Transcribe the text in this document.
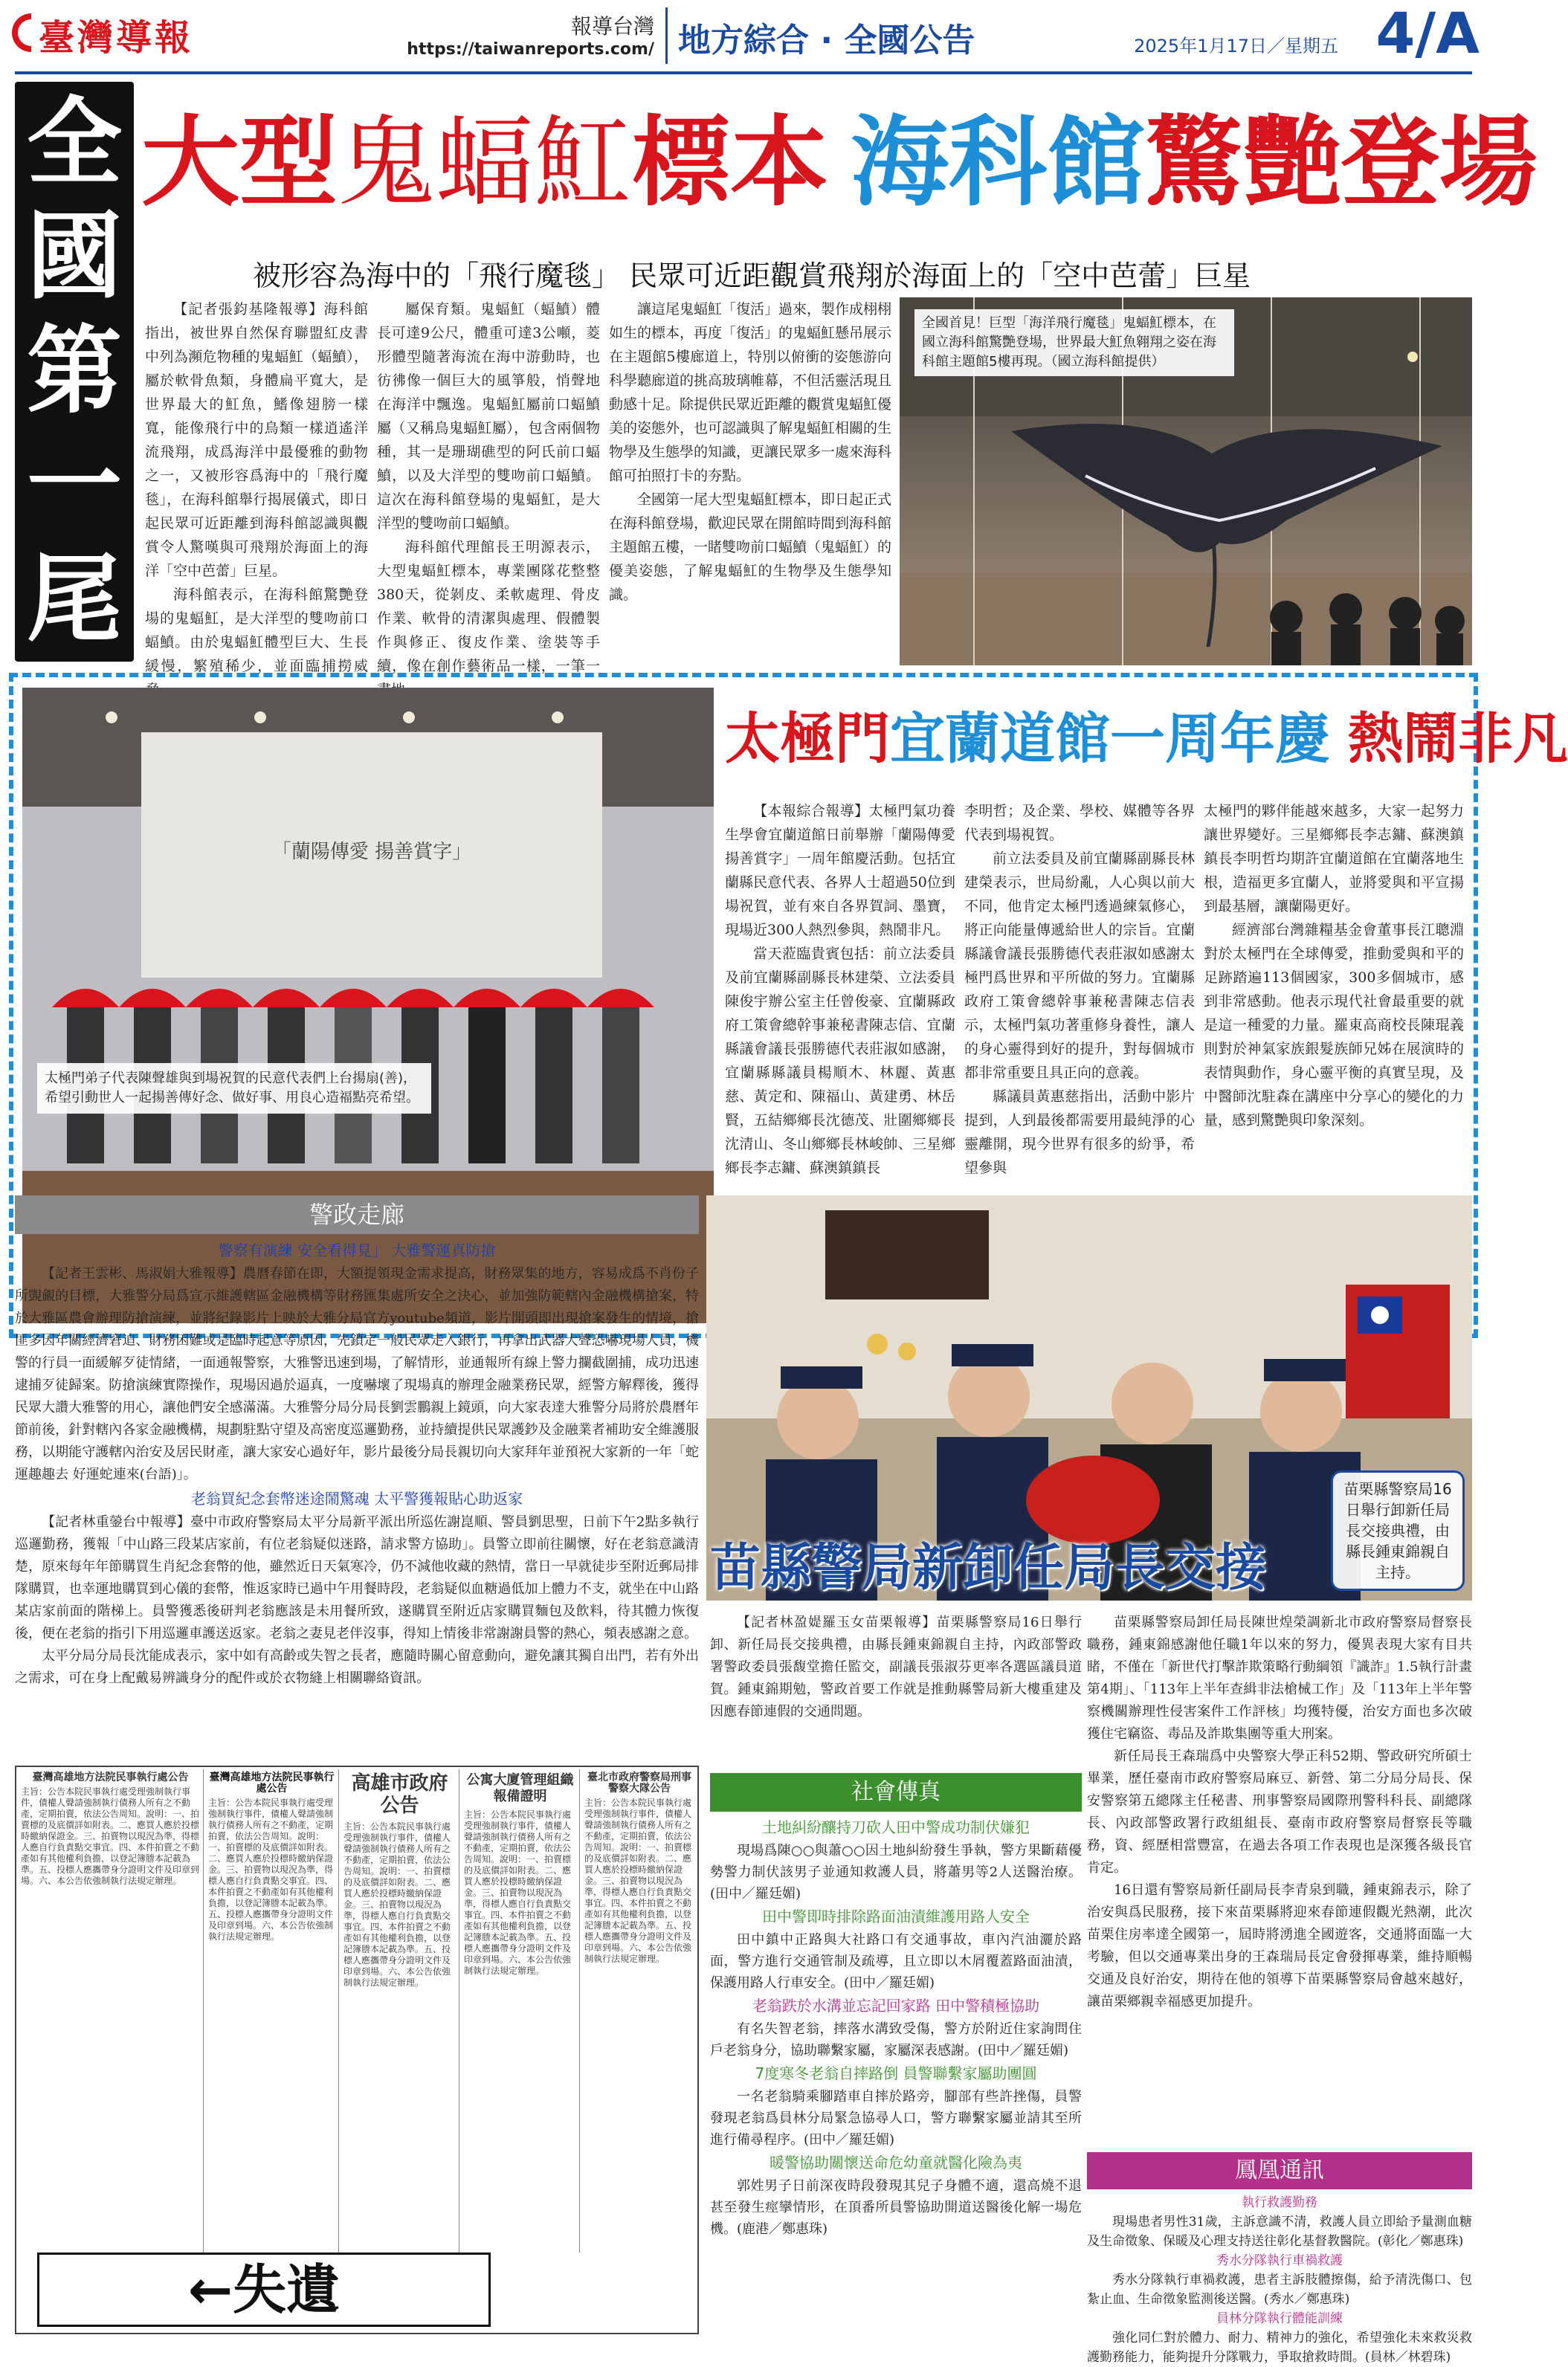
臺灣導報	報導台灣
https://taiwanreports.com/ 地方綜合 · 全國公告	2025年1月17日／星期五 4/A
全
國
第
一
尾
大型鬼蝠魟標本 海科館驚艷登場
被形容為海中的「飛行魔毯」 民眾可近距觀賞飛翔於海面上的「空中芭蕾」巨星

【記者張鈞基隆報導】海科館指出，被世界自然保育聯盟紅皮書中列為瀕危物種的鬼蝠魟（蝠鱝），屬於軟骨魚類，身體扁平寬大，是世界最大的魟魚，鰭像翅膀一樣寬，能像飛行中的鳥類一樣逍遙洋流飛翔，成爲海洋中最優雅的動物之一，又被形容爲海中的「飛行魔毯」，在海科館舉行揭展儀式，即日起民眾可近距離到海科館認識與觀賞令人驚嘆與可飛翔於海面上的海洋「空中芭蕾」巨星。

海科館表示，在海科館驚艷登場的鬼蝠魟，是大洋型的雙吻前口蝠鱝。由於鬼蝠魟體型巨大、生長緩慢，繁殖稀少，並面臨捕撈威

屬保育類。鬼蝠魟（蝠鱝）體長可達9公尺，體重可達3公噸，菱形體型隨著海流在海中游動時，也彷彿像一個巨大的風箏般，悄聲地在海洋中飄逸。鬼蝠魟屬前口蝠鱝屬（又稱鳥鬼蝠魟屬），包含兩個物種，其一是珊瑚礁型的阿氏前口蝠鱝，以及大洋型的雙吻前口蝠鱝。這次在海科館登場的鬼蝠魟，是大洋型的雙吻前口蝠鱝。

海科館代理館長王明源表示，大型鬼蝠魟標本，專業團隊花整整380天，從剝皮、柔軟處理、骨皮作業、軟骨的清潔與處理、假體製作與修正、復皮作業、塗裝等手續，像在創作藝術品一樣，一筆一

讓這尾鬼蝠魟「復活」過來，製作成栩栩如生的標本，再度「復活」的鬼蝠魟懸吊展示在主題館5樓廊道上，特別以俯衝的姿態游向科學聽廊道的挑高玻璃帷幕，不但活靈活現且動感十足。除提供民眾近距離的觀賞鬼蝠魟優美的姿態外，也可認識與了解鬼蝠魟相關的生物學及生態學的知識，更讓民眾多一處來海科館可拍照打卡的夯點。

全國第一尾大型鬼蝠魟標本，即日起正式在海科館登場，歡迎民眾在開館時間到海科館主題館五樓，一睹雙吻前口蝠鱝（鬼蝠魟）的優美姿態，了解鬼蝠魟的生物學及生態學知識。

全國首見！巨型「海洋飛行魔毯」鬼蝠魟標本，在國立海科館驚艷登場，世界最大魟魚翱翔之姿在海科館主題館5樓再現。（國立海科館提供）
「蘭陽傳愛 揚善賞字」
太極門弟子代表陳聲雄與到場祝賀的民意代表們上台揚扇(善)，希望引動世人一起揚善傳好念、做好事、用良心造福點亮希望。
太極門宜蘭道館一周年慶 熱鬧非凡

【本報綜合報導】太極門氣功養生學會宜蘭道館日前舉辦「蘭陽傳愛 揚善賞字」一周年館慶活動。包括宜蘭縣民意代表、各界人士超過50位到場祝賀，並有來自各界賀詞、墨寶，現場近300人熱烈參與，熱鬧非凡。

當天蒞臨貴賓包括：前立法委員及前宜蘭縣副縣長林建榮、立法委員陳俊宇辦公室主任曾俊豪、宜蘭縣政府工策會總幹事兼秘書陳志信、宜蘭縣議會議長張勝德代表莊淑如感謝，宜蘭縣縣議員楊順木、林麗、黃惠慈、黃定和、陳福山、黃建勇、林岳賢，五結鄉鄉長沈德茂、壯圍鄉鄉長沈清山、冬山鄉鄉長林峻帥、三星鄉鄉長李志鏞、蘇澳鎮鎮長

李明哲；及企業、學校、媒體等各界代表到場視賀。

前立法委員及前宜蘭縣副縣長林建榮表示，世局紛亂，人心與以前大不同，他肯定太極門透過練氣修心，將正向能量傳遞給世人的宗旨。宜蘭縣議會議長張勝德代表莊淑如感謝太極門爲世界和平所做的努力。宜蘭縣政府工策會總幹事兼秘書陳志信表示，太極門氣功著重修身養性，讓人的身心靈得到好的提升，對每個城市都非常重要且具正向的意義。

縣議員黃惠慈指出，活動中影片提到，人到最後都需要用最純淨的心靈離開，現今世界有很多的紛爭，希望參與

太極門的夥伴能越來越多，大家一起努力讓世界變好。三星鄉鄉長李志鏞、蘇澳鎮鎮長李明哲均期許宜蘭道館在宜蘭落地生根，造福更多宜蘭人，並將愛與和平宣揚到最基層，讓蘭陽更好。

經濟部台灣雜糧基金會董事長江聰淵對於太極門在全球傳愛，推動愛與和平的足跡踏遍113個國家，300多個城市，感到非常感動。他表示現代社會最重要的就是這一種愛的力量。羅東高商校長陳琨義則對於神氣家族銀髮族師兄姊在展演時的表情與動作，身心靈平衡的真實呈現，及中醫師沈駐森在講座中分享心的變化的力量，感到驚艷與印象深刻。

警政走廊
警察有演練 安全看得見」 大雅警運真防搶

【記者王雲彬、馬淑娟大雅報導】農曆春節在即，大額提領現金需求提高，財務眾集的地方，容易成爲不肖份子所覬覦的目標，大雅警分局爲宣示維護轄區金融機構等財務匯集處所安全之決心，並加強防範轄內金融機構搶案，特於大雅區農會辦理防搶演練，並將紀錄影片上映於大雅分局官方youtube頻道，影片開頭即出現搶案發生的情境，搶匪多因年關經濟窘迫、財務困難或是臨時起意等原因，先鎖定一般民眾走入銀行，再拿出武器大聲恐嚇現場人員，機警的行員一面緩解歹徒情緒，一面通報警察，大雅警迅速到場，了解情形，並通報所有線上警力攔截圍捕，成功迅速逮捕歹徒歸案。防搶演練實際操作，現場因過於逼真，一度嚇壞了現場真的辦理金融業務民眾，經警方解釋後，獲得民眾大讚大雅警的用心，讓他們安全感滿滿。大雅警分局分局長劉雲鵬親上鏡頭，向大家表達大雅警分局將於農曆年節前後，針對轄內各家金融機構，規劃駐點守望及高密度巡邏勤務，並持續提供民眾護鈔及金融業者補助安全維護服務，以期能守護轄內治安及居民財產，讓大家安心過好年，影片最後分局長親切向大家拜年並預祝大家新的一年「蛇運趣趣去 好運蛇連來(台語)」。

老翁買紀念套幣迷途鬧驚魂 太平警獲報貼心助返家

【記者林重鎣台中報導】臺中市政府警察局太平分局新平派出所巡佐謝崑順、警員劉思聖，日前下午2點多執行巡邏勤務，獲報「中山路三段某店家前，有位老翁疑似迷路，請求警方協助」。員警立即前往關懷，好在老翁意識清楚，原來每年年節購買生肖紀念套幣的他，雖然近日天氣寒冷，仍不減他收藏的熱情，當日一早就徒步至附近郵局排隊購買，也幸運地購買到心儀的套幣，惟返家時已過中午用餐時段，老翁疑似血糖過低加上體力不支，就坐在中山路某店家前面的階梯上。員警獲悉後研判老翁應該是未用餐所致，遂購買至附近店家購買麵包及飲料，待其體力恢復後，便在老翁的指引下用巡邏車護送返家。老翁之妻見老伴沒事，得知上情後非常謝謝員警的熱心，頻表感謝之意。

太平分局分局長沈能成表示，家中如有高齡或失智之長者，應隨時關心留意動向，避免讓其獨自出門，若有外出之需求，可在身上配戴易辨識身分的配件或於衣物縫上相關聯絡資訊。

苗栗縣警察局16日舉行卸新任局長交接典禮，由縣長鍾東錦親自主持。
苗縣警局新卸任局長交接

【記者林盈媞羅玉女苗栗報導】苗栗縣警察局16日舉行卸、新任局長交接典禮，由縣長鍾東錦親自主持，內政部警政署警政委員張馥堂擔任監交，副議長張淑芬更率各選區議員道賀。鍾東錦期勉，警政首要工作就是推動縣警局新大樓重建及因應春節連假的交通問題。

苗栗縣警察局卸任局長陳世煌榮調新北市政府警察局督察長職務，鍾東錦感謝他任職1年以來的努力，優異表現大家有目共睹，不僅在「新世代打擊詐欺策略行動綱領『識詐』1.5執行計畫第4期」、「113年上半年查緝非法槍械工作」及「113年上半年警察機關辦理性侵害案件工作評核」均獲特優，治安方面也多次破獲住宅竊盜、毒品及詐欺集團等重大刑案。

新任局長王森瑞爲中央警察大學正科52期、警政研究所碩士畢業，歷任臺南市政府警察局麻豆、新營、第二分局分局長、保安警察第五總隊主任秘書、刑事警察局國際刑警科科長、副總隊長、內政部警政署行政組組長、臺南市政府警察局督察長等職務，資、經歷相當豐富，在過去各項工作表現也是深獲各級長官肯定。

16日還有警察局新任副局長李青泉到職，鍾東錦表示，除了治安與爲民服務，接下來苗栗縣將迎來春節連假觀光熱潮，此次苗栗住房率達全國第一，屆時將湧進全國遊客，交通將面臨一大考驗，但以交通專業出身的王森瑞局長定會發揮專業，維持順暢交通及良好治安，期待在他的領導下苗栗縣警察局會越來越好，讓苗栗鄉親幸福感更加提升。

社會傳真
土地糾紛釀持刀砍人田中警成功制伏嫌犯

現場爲陳○○與蕭○○因土地糾紛發生爭執，警方果斷藉優勢警力制伏該男子並通知救護人員，將蕭男等2人送醫治療。(田中／羅廷媚)

田中警即時排除路面油漬維護用路人安全

田中鎮中正路與大社路口有交通事故，車內汽油灑於路面，警方進行交通管制及疏導，且立即以木屑覆蓋路面油漬，保護用路人行車安全。(田中／羅廷媚)

老翁跌於水溝並忘記回家路 田中警積極協助

有名失智老翁，摔落水溝致受傷，警方於附近住家詢問住戶老翁身分，協助聯繫家屬，家屬深表感謝。(田中／羅廷媚)

7度寒冬老翁自摔路倒 員警聯繫家屬助團圓

一名老翁騎乘腳踏車自摔於路旁，腳部有些許挫傷，員警發現老翁爲員林分局緊急協尋人口，警方聯繫家屬並請其至所進行備尋程序。(田中／羅廷媚)

暖警協助關懷送命危幼童就醫化險為夷

郭姓男子日前深夜時段發現其兒子身體不適，還高燒不退甚至發生痙攣情形，在頂番所員警協助開道送醫後化解一場危機。(鹿港／鄭惠珠)

鳳凰通訊
執行救護勤務

現場患者男性31歲，主訴意識不清，救護人員立即給予量測血糖及生命徵象、保暖及心理支持送往彰化基督教醫院。(彰化／鄭惠珠)

秀水分隊執行車禍救護

秀水分隊執行車禍救護，患者主訴肢體擦傷，給予清洗傷口、包紮止血、生命徵象監測後送醫。(秀水／鄭惠珠)

員林分隊執行體能訓練

強化同仁對於體力、耐力、精神力的強化，希望強化未來救災救護勤務能力，能夠提升分隊戰力，爭取搶救時間。(員林／林碧珠)

臺灣高雄地方法院民事執行處公告
主旨：公告本院民事執行處受理強制執行事件，債權人聲請強制執行債務人所有之不動產，定期拍賣，依法公告周知。說明：一、拍賣標的及底價詳如附表。二、應買人應於投標時繳納保證金。三、拍賣物以現況為準，得標人應自行負責點交事宜。四、本件拍賣之不動產如有其他權利負擔，以登記簿謄本記載為準。五、投標人應攜帶身分證明文件及印章到場。六、本公告依強制執行法規定辦理。
臺灣高雄地方法院民事執行處公告
主旨：公告本院民事執行處受理強制執行事件，債權人聲請強制執行債務人所有之不動產，定期拍賣，依法公告周知。說明：一、拍賣標的及底價詳如附表。二、應買人應於投標時繳納保證金。三、拍賣物以現況為準，得標人應自行負責點交事宜。四、本件拍賣之不動產如有其他權利負擔，以登記簿謄本記載為準。五、投標人應攜帶身分證明文件及印章到場。六、本公告依強制執行法規定辦理。
高雄市政府 公告
主旨：公告本院民事執行處受理強制執行事件，債權人聲請強制執行債務人所有之不動產，定期拍賣，依法公告周知。說明：一、拍賣標的及底價詳如附表。二、應買人應於投標時繳納保證金。三、拍賣物以現況為準，得標人應自行負責點交事宜。四、本件拍賣之不動產如有其他權利負擔，以登記簿謄本記載為準。五、投標人應攜帶身分證明文件及印章到場。六、本公告依強制執行法規定辦理。
公寓大廈管理組織報備證明
主旨：公告本院民事執行處受理強制執行事件，債權人聲請強制執行債務人所有之不動產，定期拍賣，依法公告周知。說明：一、拍賣標的及底價詳如附表。二、應買人應於投標時繳納保證金。三、拍賣物以現況為準，得標人應自行負責點交事宜。四、本件拍賣之不動產如有其他權利負擔，以登記簿謄本記載為準。五、投標人應攜帶身分證明文件及印章到場。六、本公告依強制執行法規定辦理。
臺北市政府警察局刑事警察大隊公告
主旨：公告本院民事執行處受理強制執行事件，債權人聲請強制執行債務人所有之不動產，定期拍賣，依法公告周知。說明：一、拍賣標的及底價詳如附表。二、應買人應於投標時繳納保證金。三、拍賣物以現況為準，得標人應自行負責點交事宜。四、本件拍賣之不動產如有其他權利負擔，以登記簿謄本記載為準。五、投標人應攜帶身分證明文件及印章到場。六、本公告依強制執行法規定辦理。
←失遺
